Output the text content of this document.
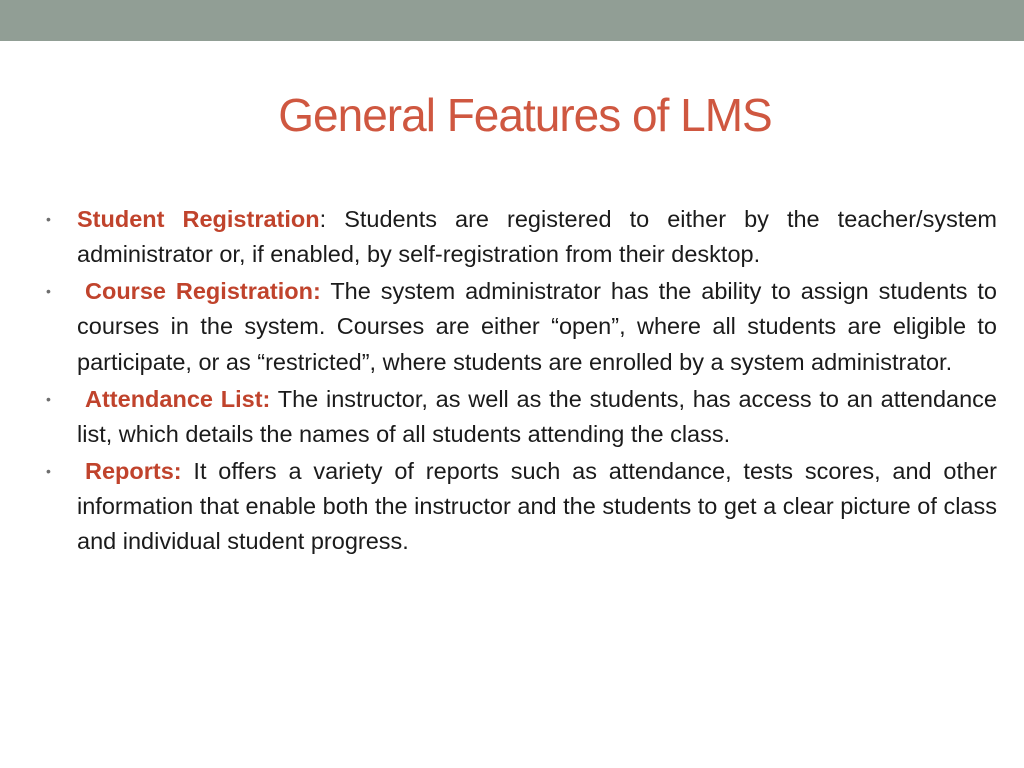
General Features of LMS
• Student Registration: Students are registered to either by the teacher/system administrator or, if enabled, by self-registration from their desktop.
• Course Registration: The system administrator has the ability to assign students to courses in the system. Courses are either “open”, where all students are eligible to participate, or as “restricted”, where students are enrolled by a system administrator.
• Attendance List: The instructor, as well as the students, has access to an attendance list, which details the names of all students attending the class.
• Reports: It offers a variety of reports such as attendance, tests scores, and other information that enable both the instructor and the students to get a clear picture of class and individual student progress.
